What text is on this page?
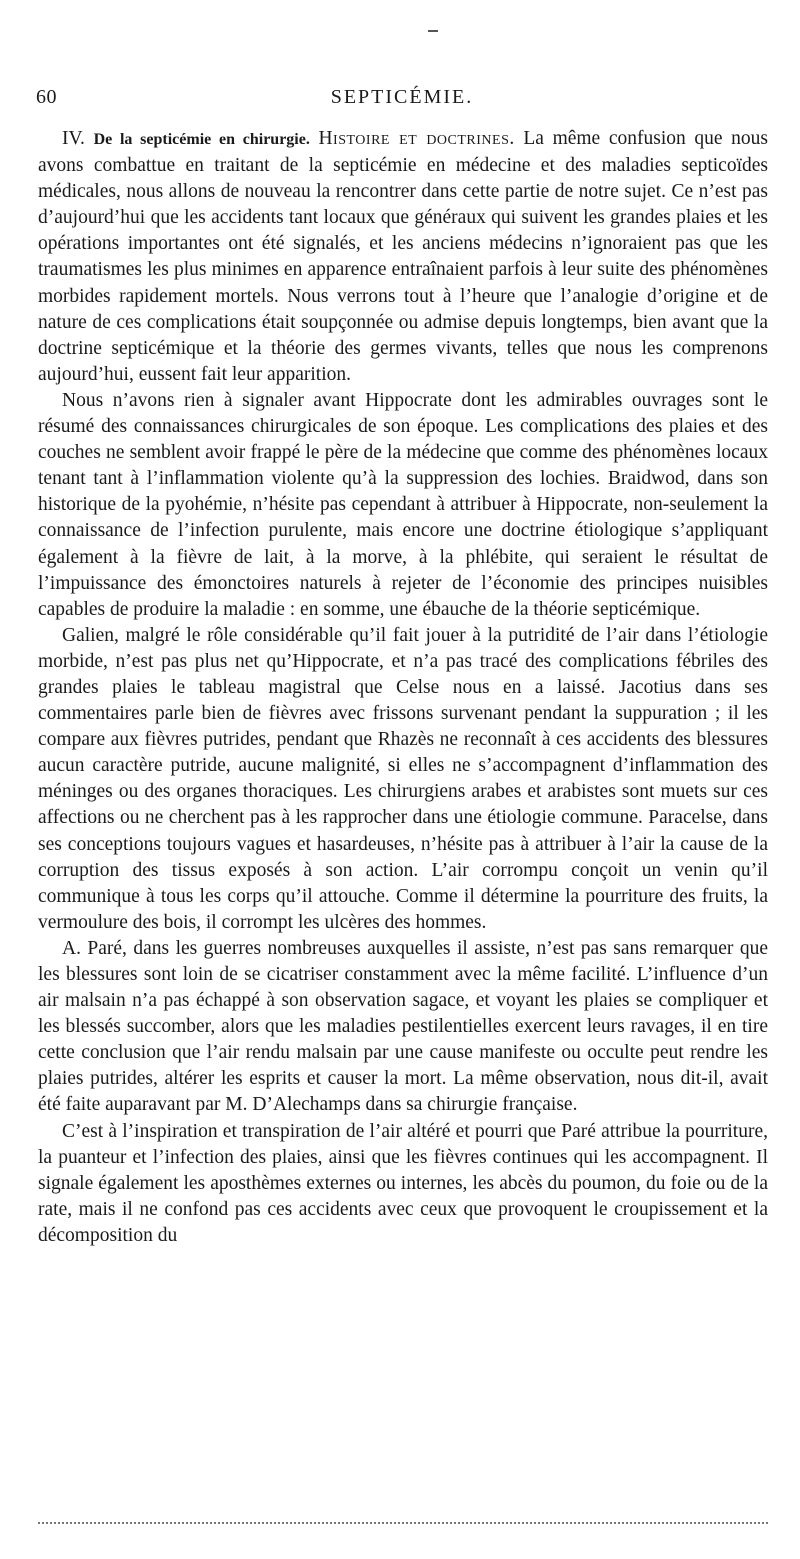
60	SEPTICÉMIE.

IV. De la septicémie en chirurgie. Histoire et doctrines. La même confusion que nous avons combattue en traitant de la septicémie en médecine et des maladies septicoïdes médicales, nous allons de nouveau la rencontrer dans cette partie de notre sujet. Ce n’est pas d’aujourd’hui que les accidents tant locaux que généraux qui suivent les grandes plaies et les opérations importantes ont été signalés, et les anciens médecins n’ignoraient pas que les traumatismes les plus minimes en apparence entraînaient parfois à leur suite des phénomènes morbides rapidement mortels. Nous verrons tout à l’heure que l’analogie d’origine et de nature de ces complications était soupçonnée ou admise depuis longtemps, bien avant que la doctrine septicémique et la théorie des germes vivants, telles que nous les comprenons aujourd’hui, eussent fait leur apparition.

Nous n’avons rien à signaler avant Hippocrate dont les admirables ouvrages sont le résumé des connaissances chirurgicales de son époque. Les complications des plaies et des couches ne semblent avoir frappé le père de la médecine que comme des phénomènes locaux tenant tant à l’inflammation violente qu’à la suppression des lochies. Braidwod, dans son historique de la pyohémie, n’hésite pas cependant à attribuer à Hippocrate, non-seulement la connaissance de l’infection purulente, mais encore une doctrine étiologique s’appliquant également à la fièvre de lait, à la morve, à la phlébite, qui seraient le résultat de l’impuissance des émonctoires naturels à rejeter de l’économie des principes nuisibles capables de produire la maladie : en somme, une ébauche de la théorie septicémique.

Galien, malgré le rôle considérable qu’il fait jouer à la putridité de l’air dans l’étiologie morbide, n’est pas plus net qu’Hippocrate, et n’a pas tracé des complications fébriles des grandes plaies le tableau magistral que Celse nous en a laissé. Jacotius dans ses commentaires parle bien de fièvres avec frissons survenant pendant la suppuration ; il les compare aux fièvres putrides, pendant que Rhazès ne reconnaît à ces accidents des blessures aucun caractère putride, aucune malignité, si elles ne s’accompagnent d’inflammation des méninges ou des organes thoraciques. Les chirurgiens arabes et arabistes sont muets sur ces affections ou ne cherchent pas à les rapprocher dans une étiologie commune. Paracelse, dans ses conceptions toujours vagues et hasardeuses, n’hésite pas à attribuer à l’air la cause de la corruption des tissus exposés à son action. L’air corrompu conçoit un venin qu’il communique à tous les corps qu’il attouche. Comme il détermine la pourriture des fruits, la vermoulure des bois, il corrompt les ulcères des hommes.

A. Paré, dans les guerres nombreuses auxquelles il assiste, n’est pas sans remarquer que les blessures sont loin de se cicatriser constamment avec la même facilité. L’influence d’un air malsain n’a pas échappé à son observation sagace, et voyant les plaies se compliquer et les blessés succomber, alors que les maladies pestilentielles exercent leurs ravages, il en tire cette conclusion que l’air rendu malsain par une cause manifeste ou occulte peut rendre les plaies putrides, altérer les esprits et causer la mort. La même observation, nous dit-il, avait été faite auparavant par M. D’Alechamps dans sa chirurgie française.

C’est à l’inspiration et transpiration de l’air altéré et pourri que Paré attribue la pourriture, la puanteur et l’infection des plaies, ainsi que les fièvres continues qui les accompagnent. Il signale également les aposthèmes externes ou internes, les abcès du poumon, du foie ou de la rate, mais il ne confond pas ces accidents avec ceux que provoquent le croupissement et la décomposition du
